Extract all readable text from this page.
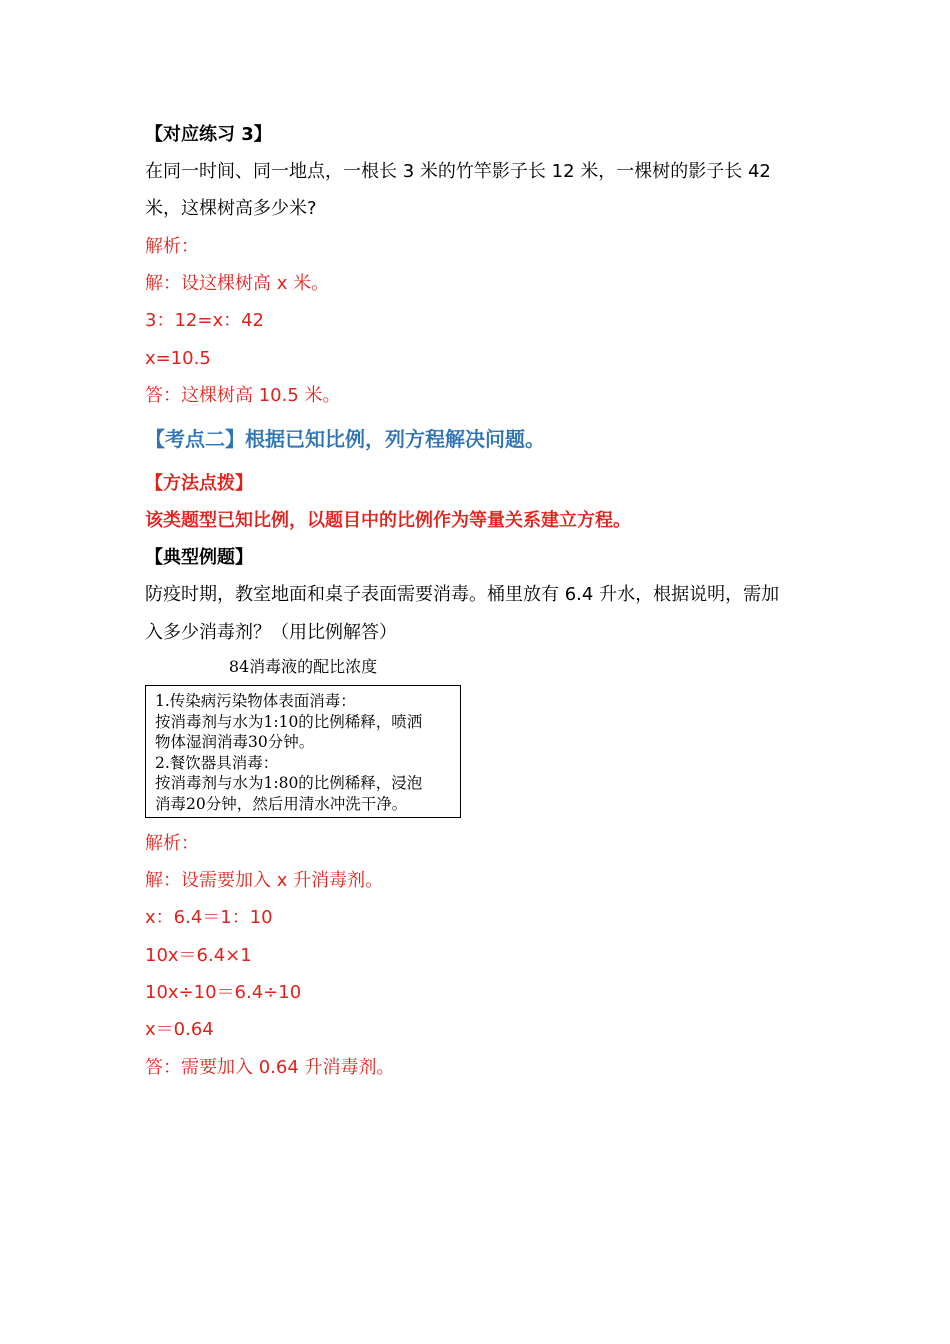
【对应练习 3】
在同一时间、同一地点，一根长 3 米的竹竿影子长 12 米，一棵树的影子长 42
米，这棵树高多少米?
解析：
解：设这棵树高 x 米。
3：12=x：42
x=10.5
答：这棵树高 10.5 米。
【考点二】根据已知比例，列方程解决问题。
【方法点拨】
该类题型已知比例，以题目中的比例作为等量关系建立方程。
【典型例题】
防疫时期，教室地面和桌子表面需要消毒。桶里放有 6.4 升水，根据说明，需加
入多少消毒剂？（用比例解答）
84消毒液的配比浓度
1.传染病污染物体表面消毒：
按消毒剂与水为1:10的比例稀释，喷洒
物体湿润消毒30分钟。
2.餐饮器具消毒：
按消毒剂与水为1:80的比例稀释，浸泡
消毒20分钟，然后用清水冲洗干净。
解析：
解：设需要加入 x 升消毒剂。
x：6.4＝1：10
10x＝6.4×1
10x÷10＝6.4÷10
x＝0.64
答：需要加入 0.64 升消毒剂。
